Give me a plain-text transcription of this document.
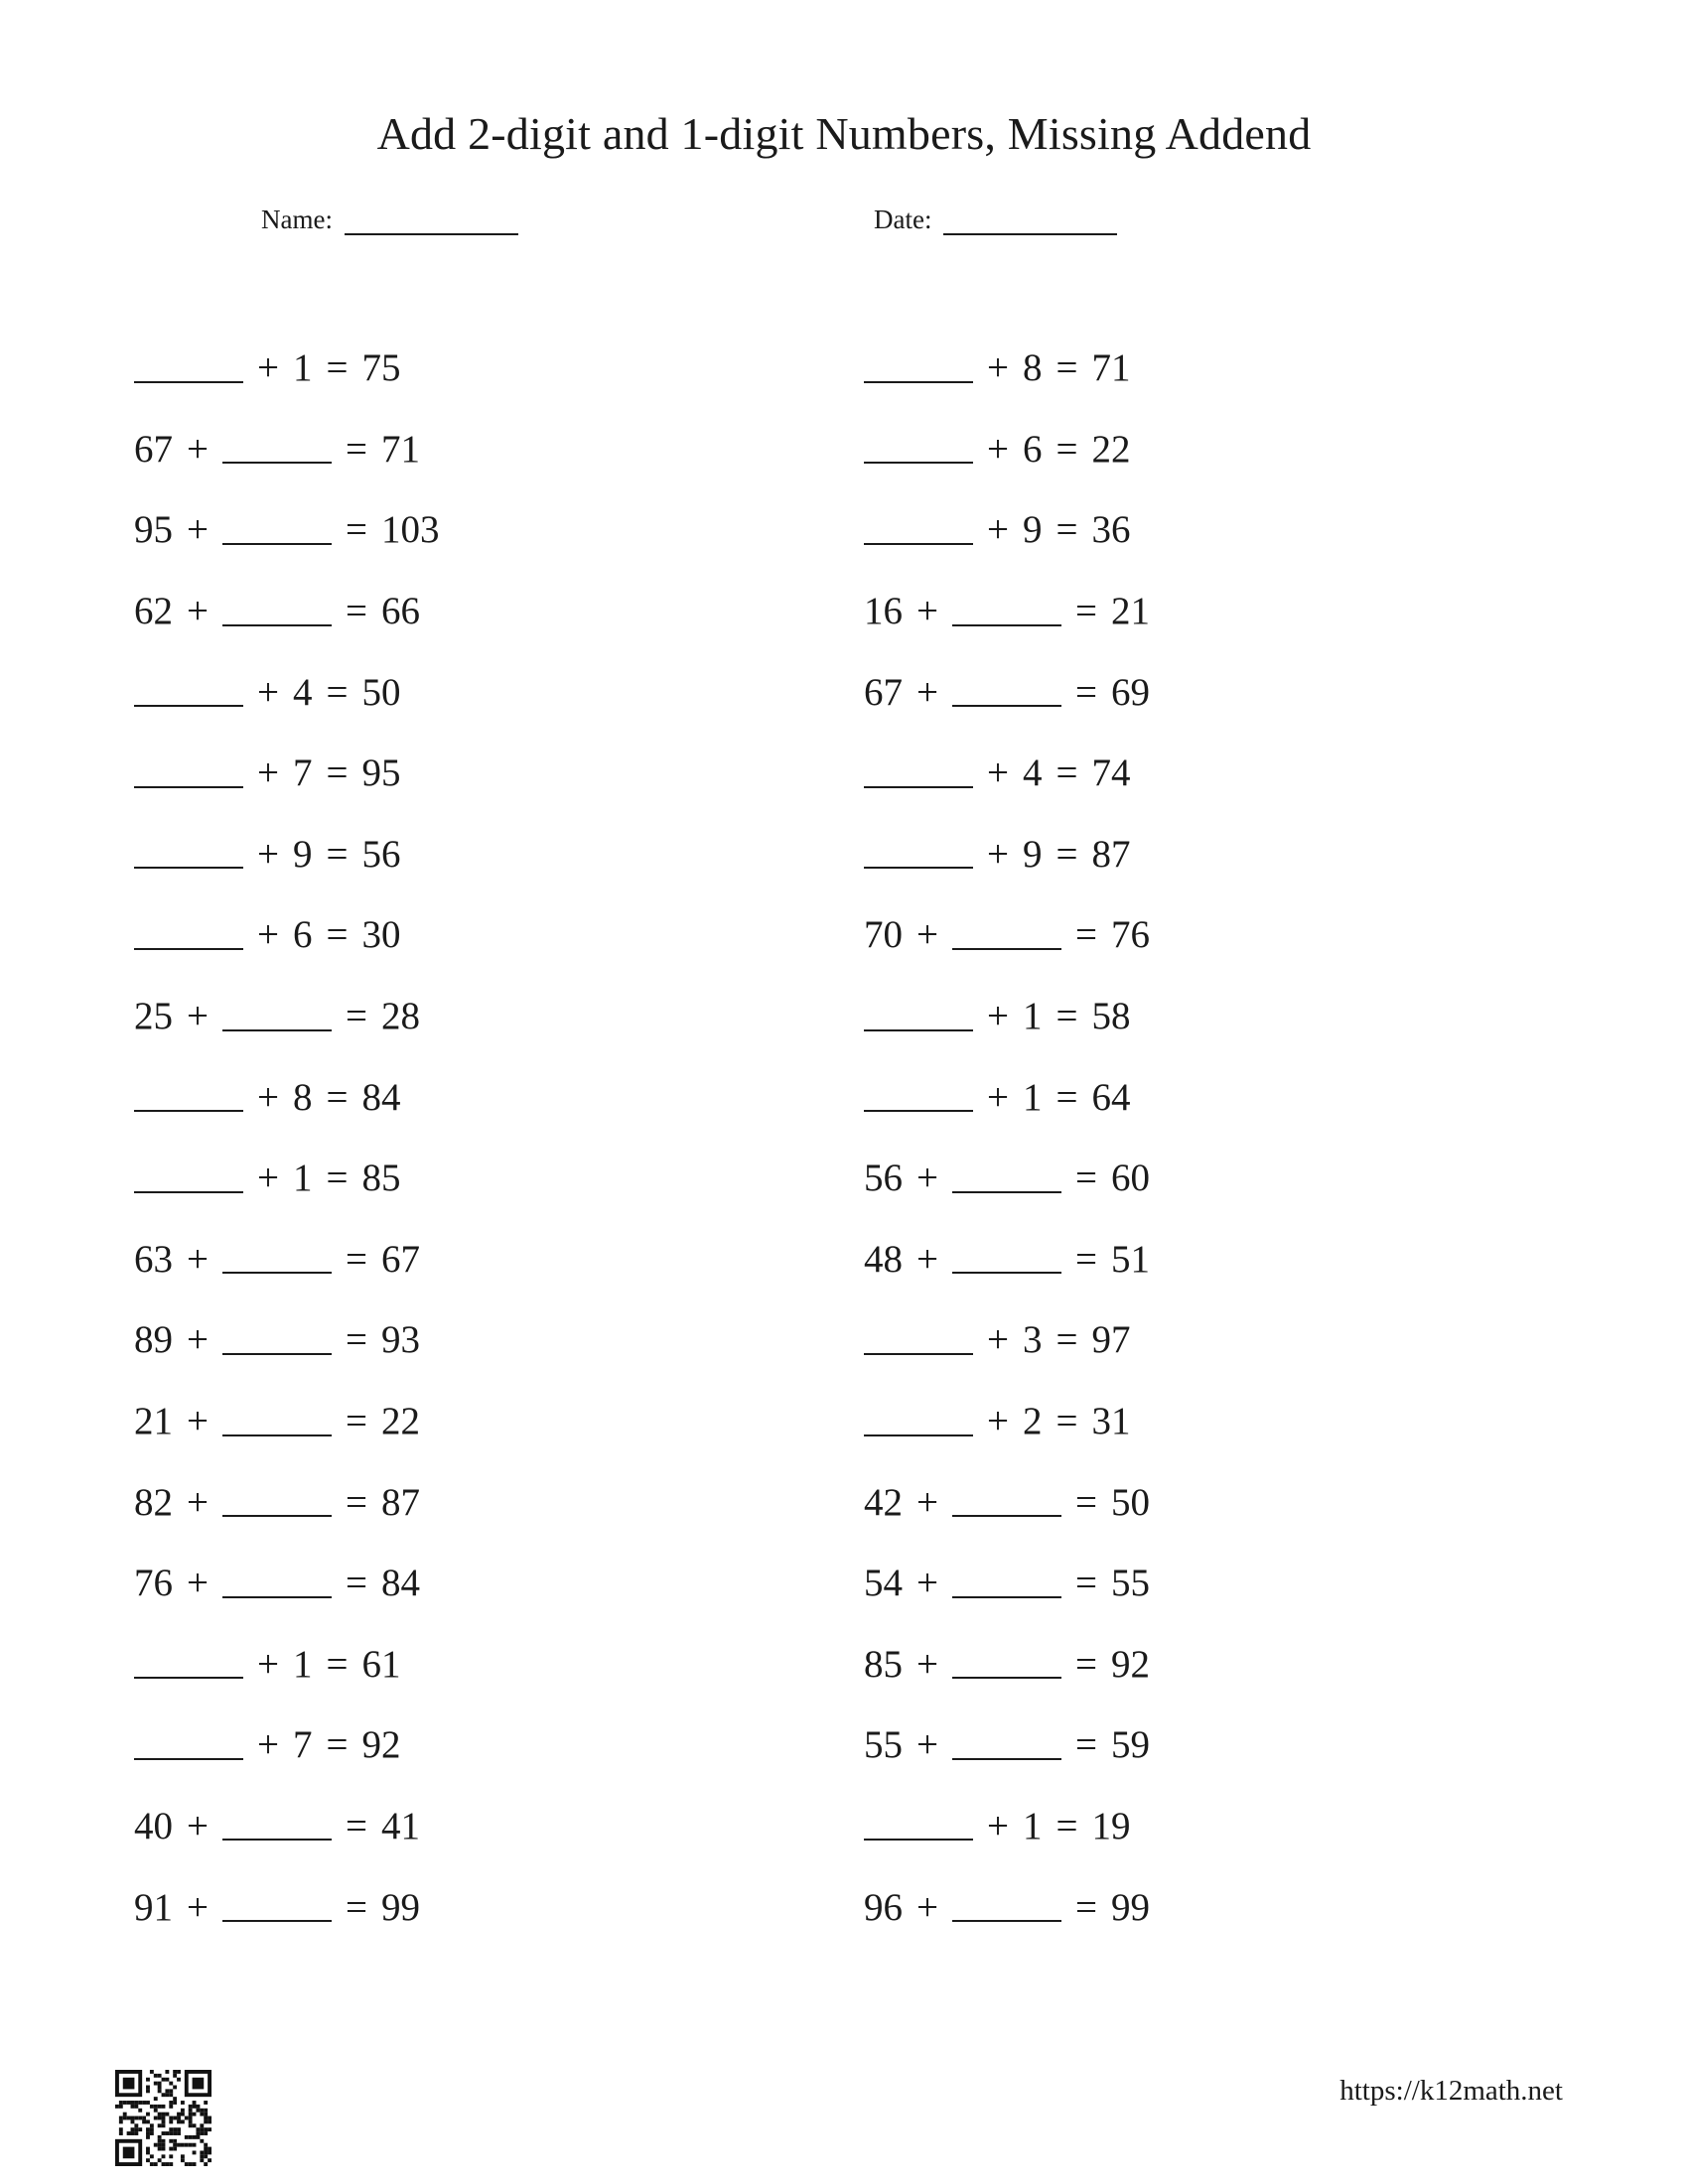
Add 2-digit and 1-digit Numbers, Missing Addend
Name:	Date:
+ 1 = 75
67 +	= 71
95 +	= 103
62 +	= 66
+ 4 = 50
+ 7 = 95
+ 9 = 56
+ 6 = 30
25 +	= 28
+ 8 = 84
+ 1 = 85
63 +	= 67
89 +	= 93
21 +	= 22
82 +	= 87
76 +	= 84
+ 1 = 61
+ 7 = 92
40 +	= 41
91 +	= 99
+ 8 = 71
+ 6 = 22
+ 9 = 36
16 +	= 21
67 +	= 69
+ 4 = 74
+ 9 = 87
70 +	= 76
+ 1 = 58
+ 1 = 64
56 +	= 60
48 +	= 51
+ 3 = 97
+ 2 = 31
42 +	= 50
54 +	= 55
85 +	= 92
55 +	= 59
+ 1 = 19
96 +	= 99
https://k12math.net
